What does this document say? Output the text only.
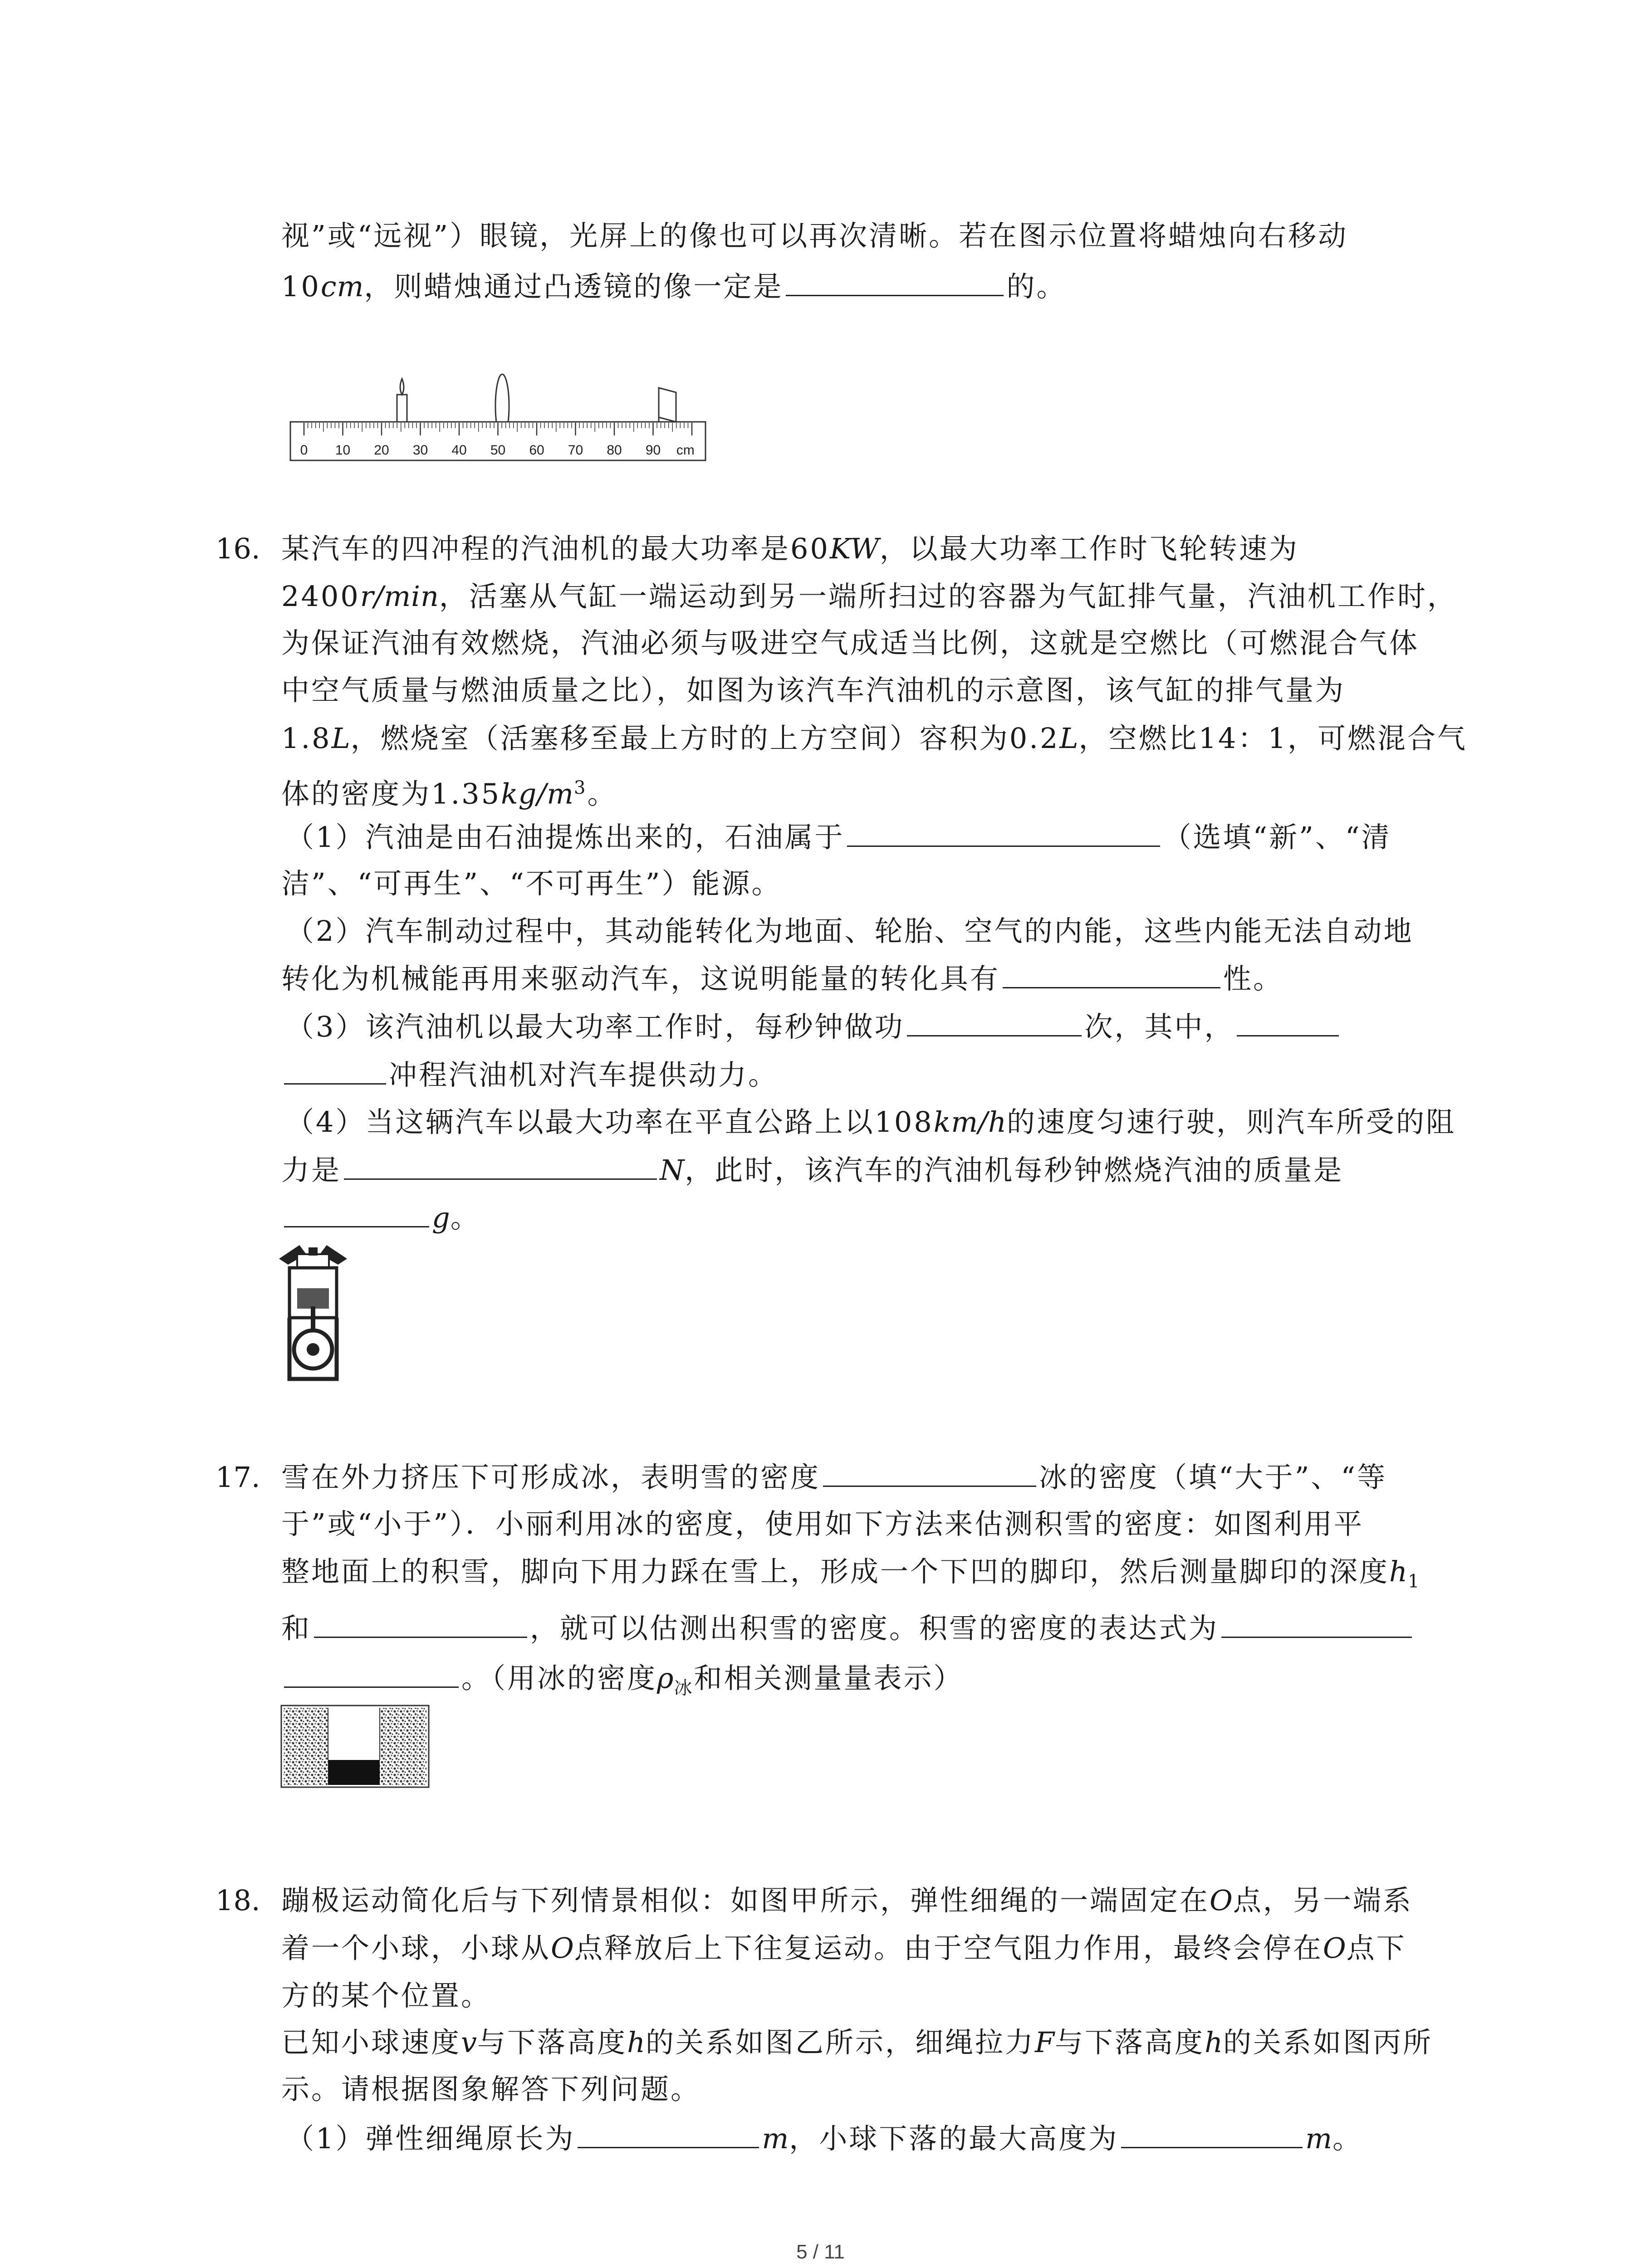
视”或“远视”）眼镜，光屏上的像也可以再次清晰。若在图示位置将蜡烛向右移动
10cm，则蜡烛通过凸透镜的像一定是	的。
0 10 20 30 40 50 60 70 80 90 cm
16. 某汽车的四冲程的汽油机的最大功率是60KW，以最大功率工作时飞轮转速为
2400r/min，活塞从气缸一端运动到另一端所扫过的容器为气缸排气量，汽油机工作时，
为保证汽油有效燃烧，汽油必须与吸进空气成适当比例，这就是空燃比（可燃混合气体
中空气质量与燃油质量之比），如图为该汽车汽油机的示意图，该气缸的排气量为
1.8L，燃烧室（活塞移至最上方时的上方空间）容积为0.2L，空燃比14：1，可燃混合气
体的密度为$1.35kg/m^3$。
（1）汽油是由石油提炼出来的，石油属于	（选填“新”、“清
洁”、“可再生”、“不可再生”）能源。
（2）汽车制动过程中，其动能转化为地面、轮胎、空气的内能，这些内能无法自动地
转化为机械能再用来驱动汽车，这说明能量的转化具有	性。
（3）该汽油机以最大功率工作时，每秒钟做功	次，其中，
冲程汽油机对汽车提供动力。
（4）当这辆汽车以最大功率在平直公路上以108km/h的速度匀速行驶，则汽车所受的阻
力是	N，此时，该汽车的汽油机每秒钟燃烧汽油的质量是
g。
17. 雪在外力挤压下可形成冰，表明雪的密度	冰的密度（填“大于”、“等
于”或“小于”）．小丽利用冰的密度，使用如下方法来估测积雪的密度：如图利用平
整地面上的积雪，脚向下用力踩在雪上，形成一个下凹的脚印，然后测量脚印的深度$h_1$
和	，就可以估测出积雪的密度。积雪的密度的表达式为
。（用冰的密度$\rho_冰$和相关测量量表示）
18. 蹦极运动简化后与下列情景相似：如图甲所示，弹性细绳的一端固定在O点，另一端系
着一个小球，小球从O点释放后上下往复运动。由于空气阻力作用，最终会停在O点下
方的某个位置。
已知小球速度v与下落高度h的关系如图乙所示，细绳拉力F与下落高度h的关系如图丙所
示。请根据图象解答下列问题。
（1）弹性细绳原长为	m，小球下落的最大高度为	m。
5 / 11
